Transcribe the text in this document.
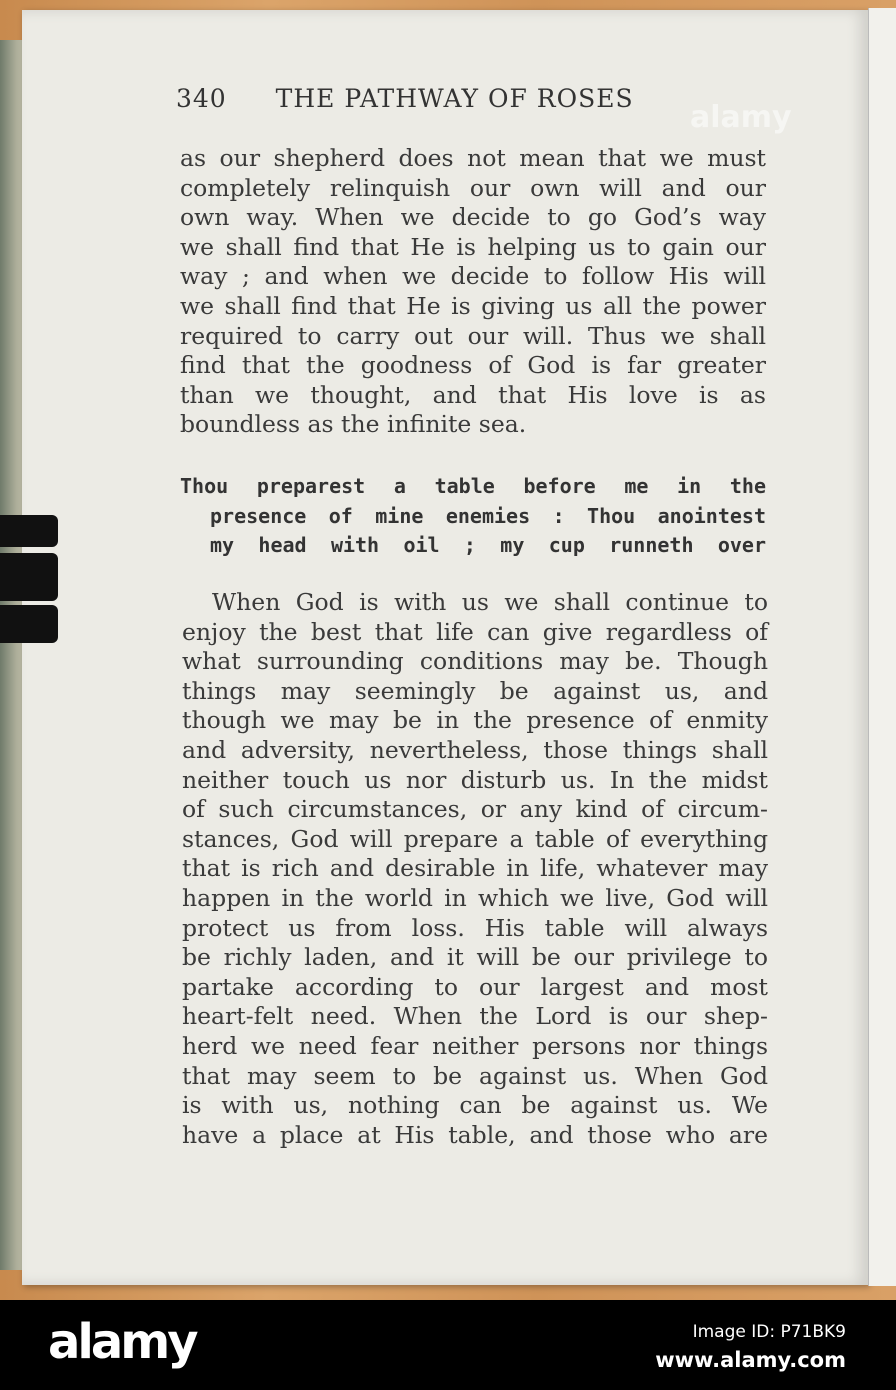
340 THE PATHWAY OF ROSES
alamy
as our shepherd does not mean that we must
completely relinquish our own will and our
own way. When we decide to go God’s way
we shall find that He is helping us to gain our
way ; and when we decide to follow His will
we shall find that He is giving us all the power
required to carry out our will. Thus we shall
find that the goodness of God is far greater
than we thought, and that His love is as
boundless as the infinite sea.
Thou preparest a table before me in the
presence of mine enemies : Thou anointest
my head with oil ; my cup runneth over
When God is with us we shall continue to
enjoy the best that life can give regardless of
what surrounding conditions may be. Though
things may seemingly be against us, and
though we may be in the presence of enmity
and adversity, nevertheless, those things shall
neither touch us nor disturb us. In the midst
of such circumstances, or any kind of circum-
stances, God will prepare a table of everything
that is rich and desirable in life, whatever may
happen in the world in which we live, God will
protect us from loss. His table will always
be richly laden, and it will be our privilege to
partake according to our largest and most
heart-felt need. When the Lord is our shep-
herd we need fear neither persons nor things
that may seem to be against us. When God
is with us, nothing can be against us. We
have a place at His table, and those who are
alamy	Image ID: P71BK9
www.alamy.com
